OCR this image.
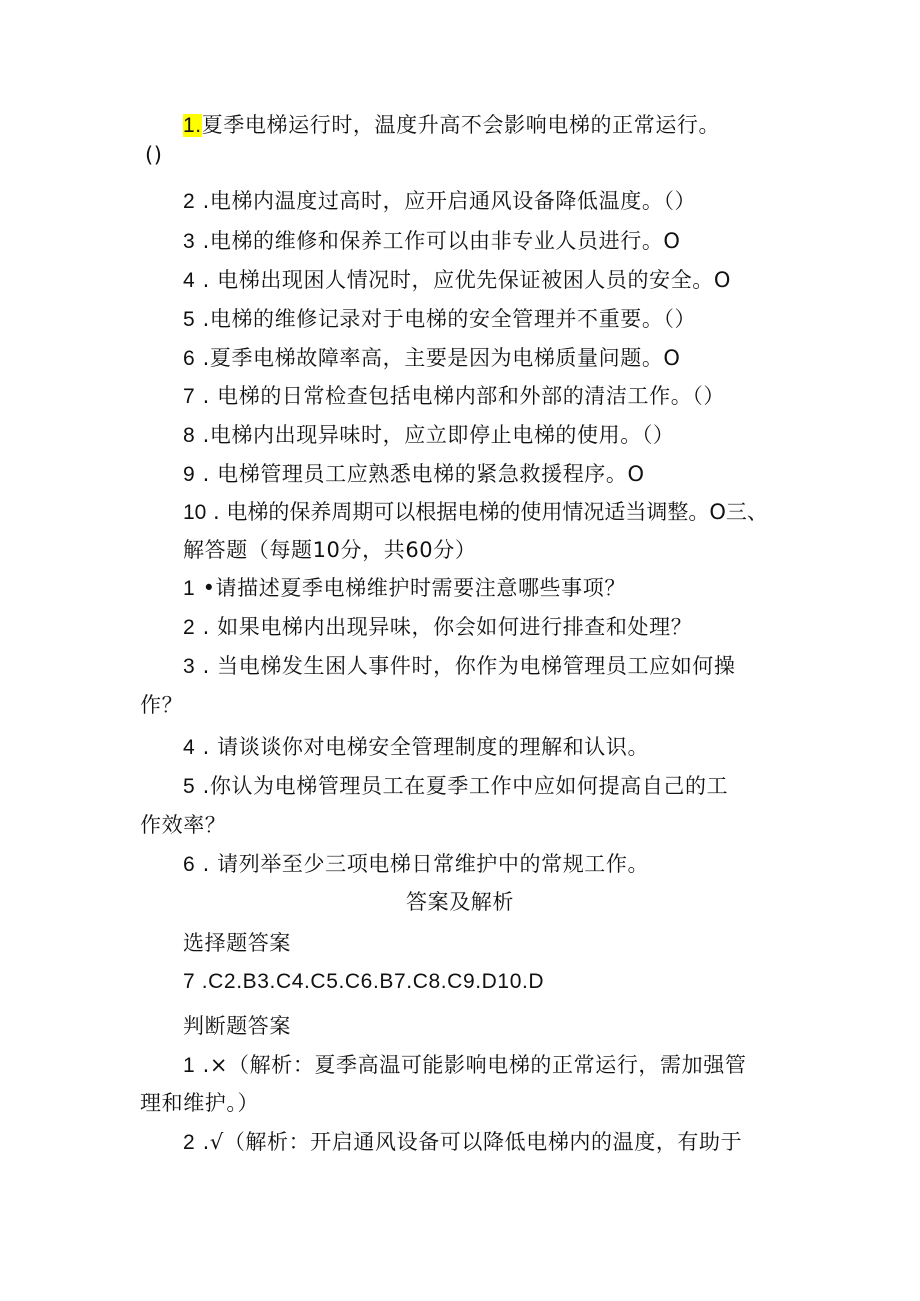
1.夏季电梯运行时，温度升高不会影响电梯的正常运行。
()
2 .电梯内温度过高时，应开启通风设备降低温度。（）
3 .电梯的维修和保养工作可以由非专业人员进行。O
4 . 电梯出现困人情况时，应优先保证被困人员的安全。O
5 .电梯的维修记录对于电梯的安全管理并不重要。（）
6 .夏季电梯故障率高，主要是因为电梯质量问题。O
7 . 电梯的日常检查包括电梯内部和外部的清洁工作。（）
8 .电梯内出现异味时，应立即停止电梯的使用。（）
9 . 电梯管理员工应熟悉电梯的紧急救援程序。O
10 . 电梯的保养周期可以根据电梯的使用情况适当调整。O三、
解答题（每题10分，共60分）
1 •请描述夏季电梯维护时需要注意哪些事项？
2 . 如果电梯内出现异味，你会如何进行排查和处理？
3 . 当电梯发生困人事件时，你作为电梯管理员工应如何操
作？
4 . 请谈谈你对电梯安全管理制度的理解和认识。
5 .你认为电梯管理员工在夏季工作中应如何提高自己的工
作效率？
6 . 请列举至少三项电梯日常维护中的常规工作。
答案及解析
选择题答案
7 .C2.B3.C4.C5.C6.B7.C8.C9.D10.D
判断题答案
1 .×（解析：夏季高温可能影响电梯的正常运行，需加强管
理和维护。）
2 .√（解析：开启通风设备可以降低电梯内的温度，有助于
